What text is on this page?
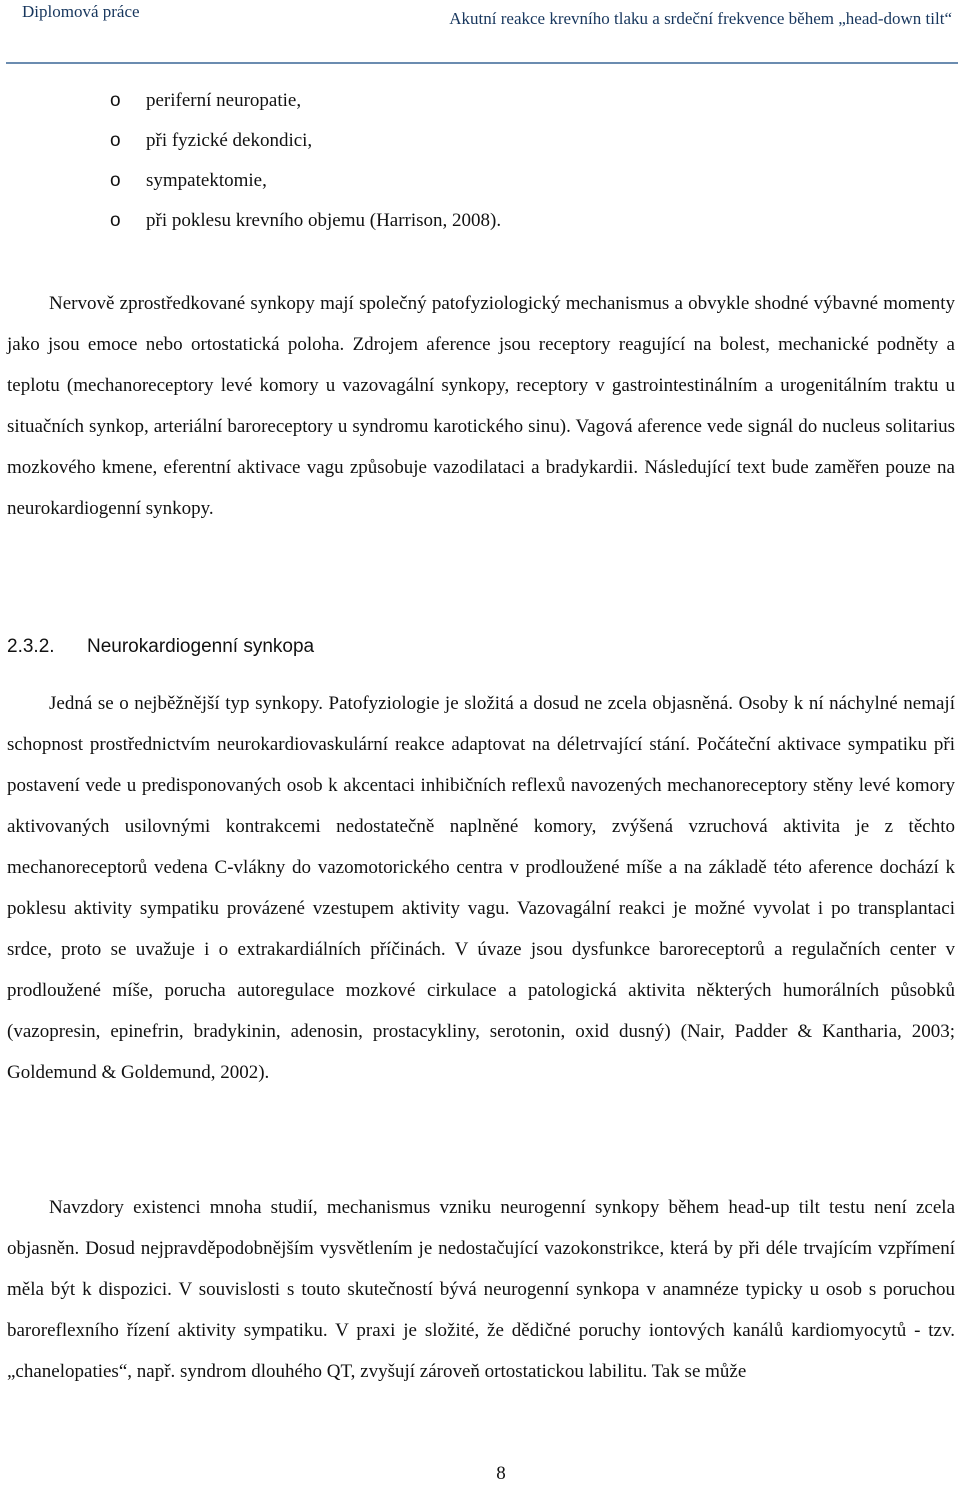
Diplomová práce	Akutní reakce krevního tlaku a srdeční frekvence během „head-down tilt“
o periferní neuropatie,
o při fyzické dekondici,
o sympatektomie,
o při poklesu krevního objemu (Harrison, 2008).

Nervově zprostředkované synkopy mají společný patofyziologický mechanismus a obvykle shodné výbavné momenty jako jsou emoce nebo ortostatická poloha. Zdrojem aference jsou receptory reagující na bolest, mechanické podněty a teplotu (mechanoreceptory levé komory u vazovagální synkopy, receptory v gastrointestinálním a urogenitálním traktu u situačních synkop, arteriální baroreceptory u syndromu karotického sinu). Vagová aference vede signál do nucleus solitarius mozkového kmene, eferentní aktivace vagu způsobuje vazodilataci a bradykardii. Následující text bude zaměřen pouze na neurokardiogenní synkopy.

2.3.2. Neurokardiogenní synkopa

Jedná se o nejběžnější typ synkopy. Patofyziologie je složitá a dosud ne zcela objasněná. Osoby k ní náchylné nemají schopnost prostřednictvím neurokardiovaskulární reakce adaptovat na déletrvající stání. Počáteční aktivace sympatiku při postavení vede u predisponovaných osob k akcentaci inhibičních reflexů navozených mechanoreceptory stěny levé komory aktivovaných usilovnými kontrakcemi nedostatečně naplněné komory, zvýšená vzruchová aktivita je z těchto mechanoreceptorů vedena C-vlákny do vazomotorického centra v prodloužené míše a na základě této aference dochází k poklesu aktivity sympatiku provázené vzestupem aktivity vagu. Vazovagální reakci je možné vyvolat i po transplantaci srdce, proto se uvažuje i o extrakardiálních příčinách. V úvaze jsou dysfunkce baroreceptorů a regulačních center v prodloužené míše, porucha autoregulace mozkové cirkulace a patologická aktivita některých humorálních působků (vazopresin, epinefrin, bradykinin, adenosin, prostacykliny, serotonin, oxid dusný) (Nair, Padder & Kantharia, 2003; Goldemund & Goldemund, 2002).

Navzdory existenci mnoha studií, mechanismus vzniku neurogenní synkopy během head-up tilt testu není zcela objasněn. Dosud nejpravděpodobnějším vysvětlením je nedostačující vazokonstrikce, která by při déle trvajícím vzpřímení měla být k dispozici. V souvislosti s touto skutečností bývá neurogenní synkopa v anamnéze typicky u osob s poruchou baroreflexního řízení aktivity sympatiku. V praxi je složité, že dědičné poruchy iontových kanálů kardiomyocytů - tzv. „chanelopaties“, např. syndrom dlouhého QT, zvyšují zároveň ortostatickou labilitu. Tak se může

8
